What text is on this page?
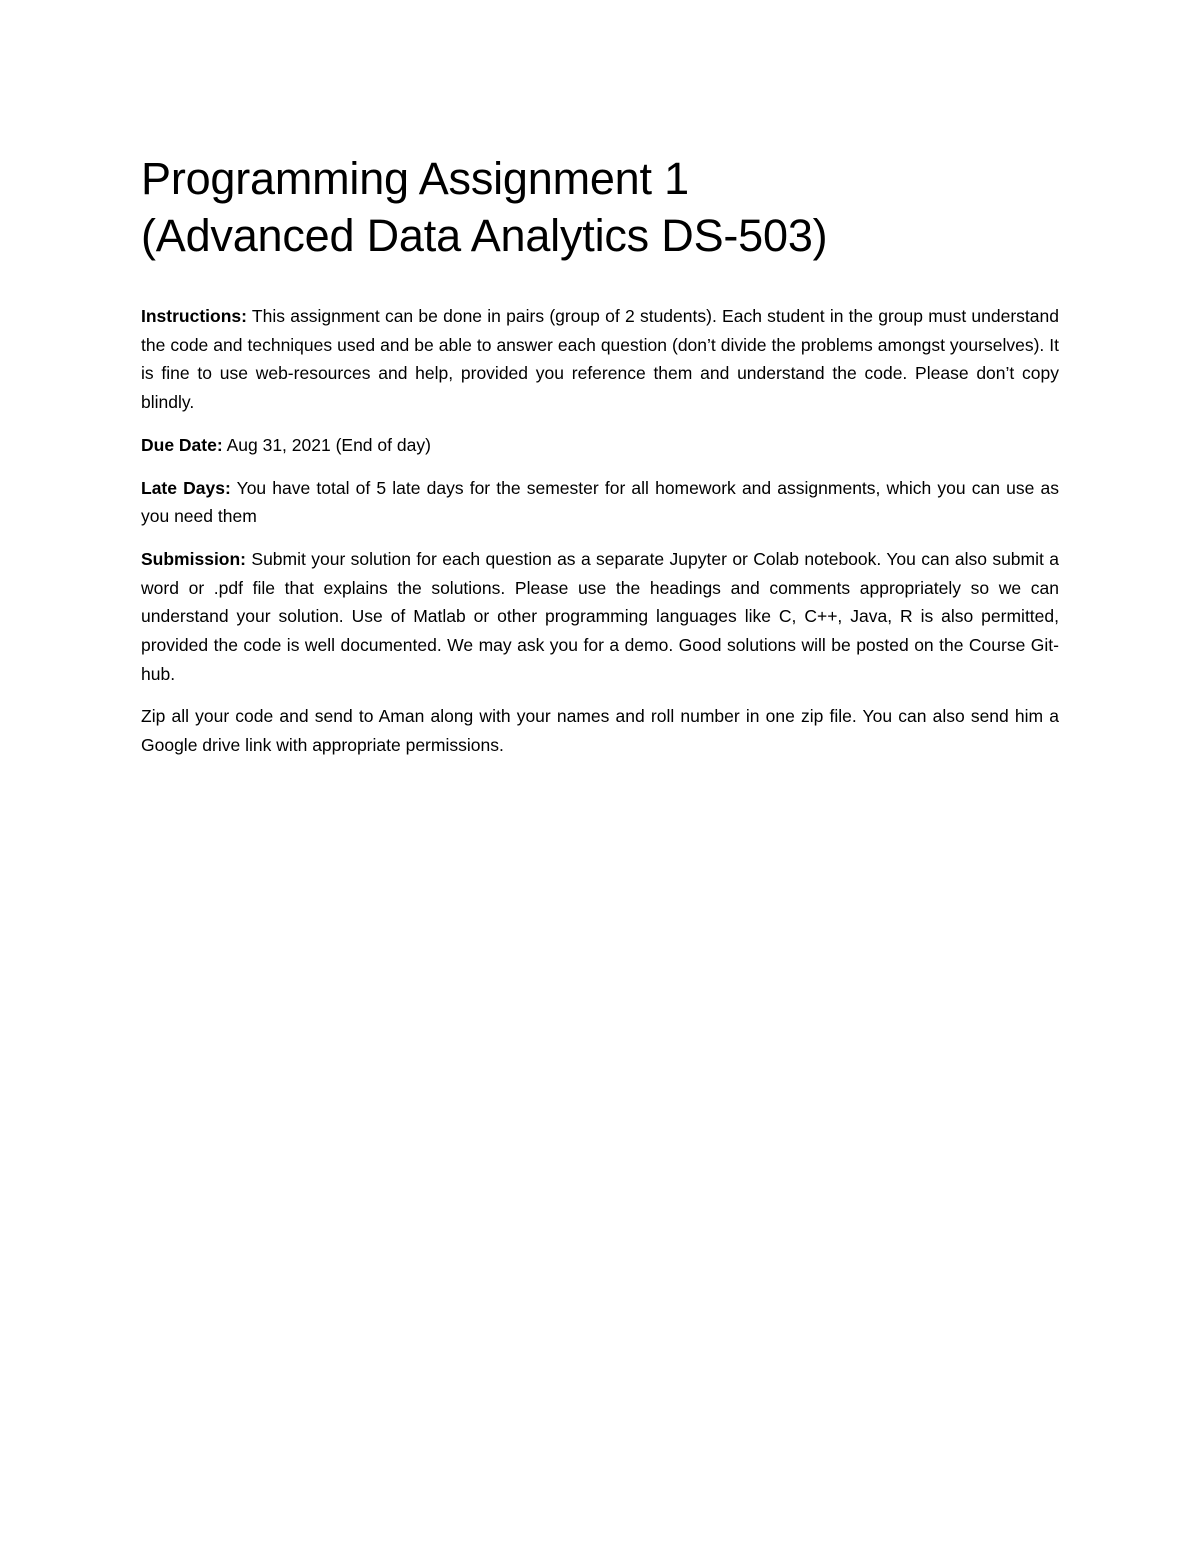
Programming Assignment 1
(Advanced Data Analytics DS-503)

Instructions: This assignment can be done in pairs (group of 2 students). Each student in the group must understand the code and techniques used and be able to answer each question (don’t divide the problems amongst yourselves). It is fine to use web-resources and help, provided you reference them and understand the code. Please don’t copy blindly.

Due Date: Aug 31, 2021 (End of day)

Late Days: You have total of 5 late days for the semester for all homework and assignments, which you can use as you need them

Submission: Submit your solution for each question as a separate Jupyter or Colab notebook. You can also submit a word or .pdf file that explains the solutions. Please use the headings and comments appropriately so we can understand your solution. Use of Matlab or other programming languages like C, C++, Java, R is also permitted, provided the code is well documented. We may ask you for a demo. Good solutions will be posted on the Course Git-hub.

Zip all your code and send to Aman along with your names and roll number in one zip file. You can also send him a Google drive link with appropriate permissions.
